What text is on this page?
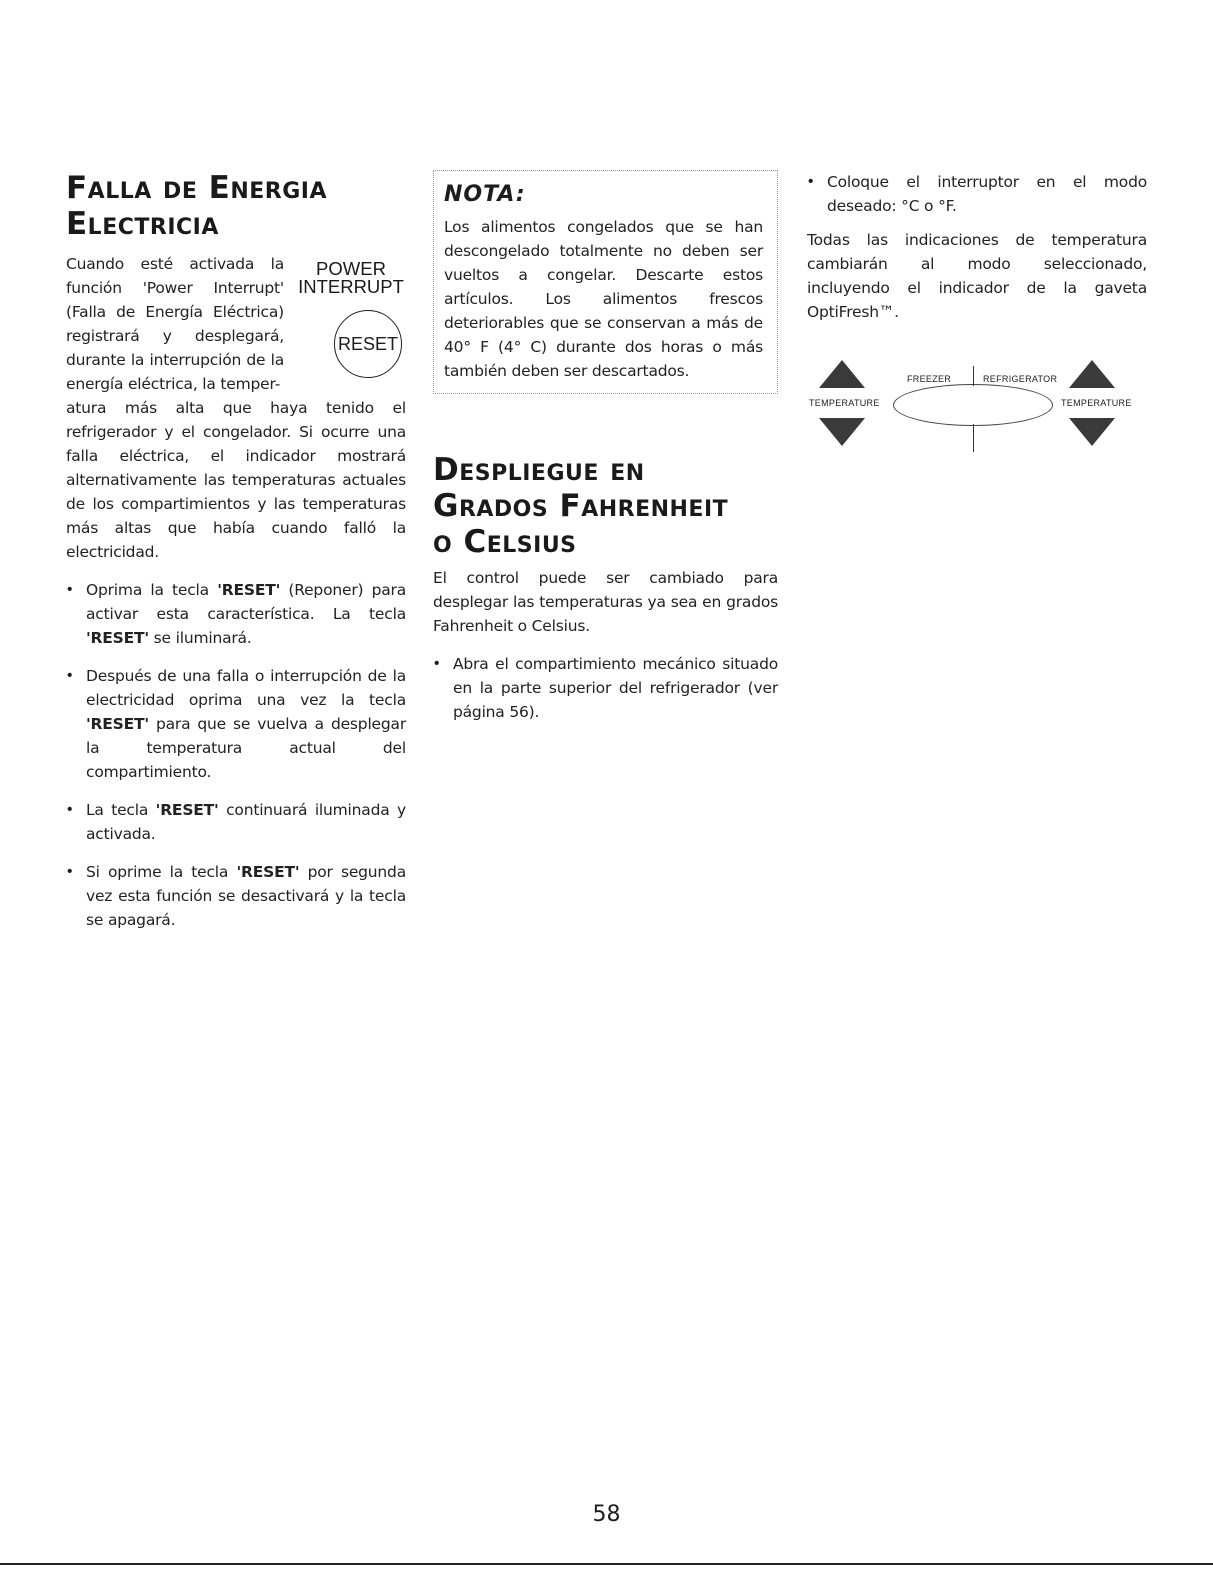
Falla de Energia
Electricia

Cuando esté activada la función 'Power Interrupt' (Falla de Energía Eléctrica) registrará y desplegará, durante la interrupción de la energía eléctrica, la temper-

POWER
INTERRUPT
RESET

atura más alta que haya tenido el refrigerador y el congelador. Si ocurre una falla eléctrica, el indicador mostrará alternativamente las temperaturas actuales de los compartimientos y las temperaturas más altas que había cuando falló la electricidad.

• Oprima la tecla 'RESET' (Reponer) para activar esta característica. La tecla 'RESET' se iluminará.

• Después de una falla o interrupción de la electricidad oprima una vez la tecla 'RESET' para que se vuelva a desplegar la temperatura actual del compartimiento.

• La tecla 'RESET' continuará iluminada y activada.

• Si oprime la tecla 'RESET' por segunda vez esta función se desactivará y la tecla se apagará.

NOTA:

Los alimentos congelados que se han descongelado totalmente no deben ser vueltos a congelar. Descarte estos artículos. Los alimentos frescos deteriorables que se conservan a más de 40° F (4° C) durante dos horas o más también deben ser descartados.

Despliegue en
Grados Fahrenheit
o Celsius

El control puede ser cambiado para desplegar las temperaturas ya sea en grados Fahrenheit o Celsius.

• Abra el compartimiento mecánico situado en la parte superior del refrigerador (ver página 56).

• Coloque el interruptor en el modo deseado: °C o °F.

Todas las indicaciones de temperatura cambiarán al modo seleccionado, incluyendo el indicador de la gaveta OptiFresh™.

TEMPERATURE
FREEZER	REFRIGERATOR
TEMPERATURE
58
